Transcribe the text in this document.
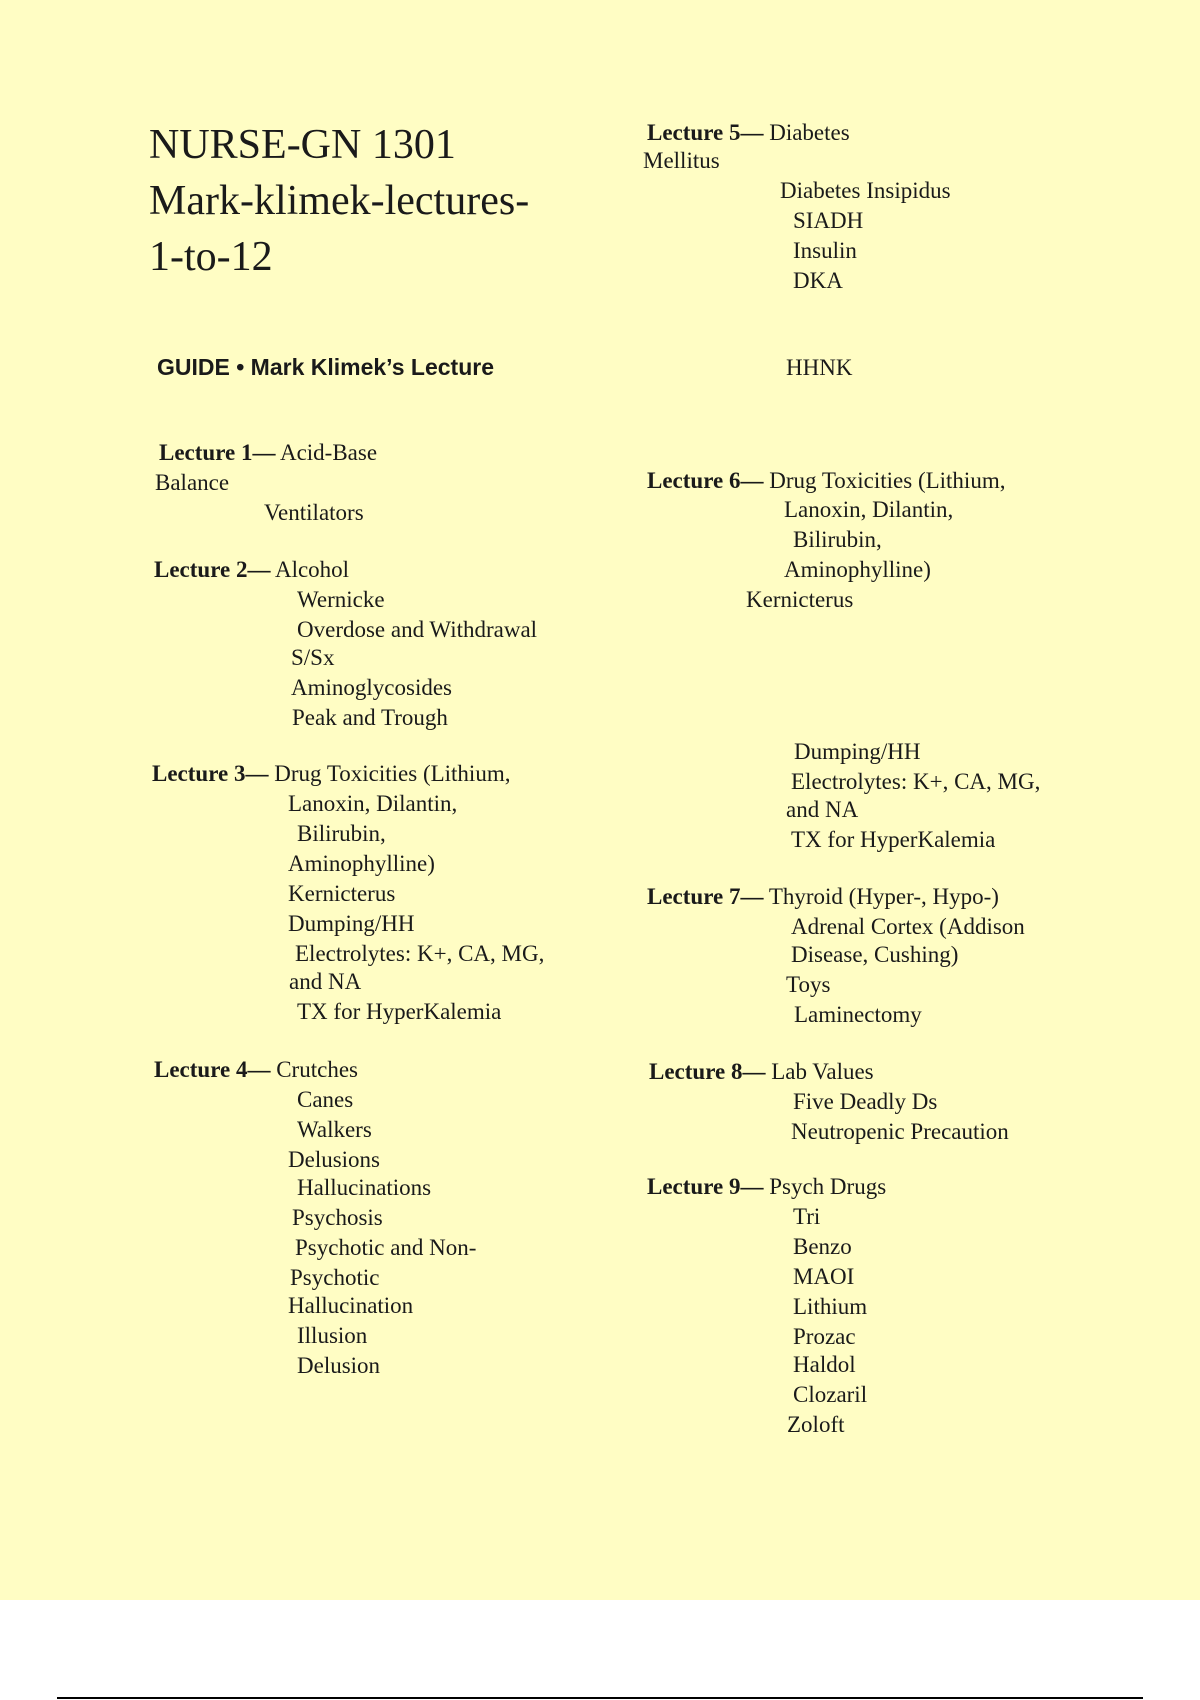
NURSE-GN 1301
Mark-klimek-lectures-
1-to-12
GUIDE • Mark Klimek’s Lecture
Lecture 1— Acid-Base
Balance
Ventilators
Lecture 2— Alcohol
Wernicke
Overdose and Withdrawal
S/Sx
Aminoglycosides
Peak and Trough
Lecture 3— Drug Toxicities (Lithium,
Lanoxin, Dilantin,
Bilirubin,
Aminophylline)
Kernicterus
Dumping/HH
Electrolytes: K+, CA, MG,
and NA
TX for HyperKalemia
Lecture 4— Crutches
Canes
Walkers
Delusions
Hallucinations
Psychosis
Psychotic and Non-
Psychotic
Hallucination
Illusion
Delusion
Lecture 5— Diabetes
Mellitus
Diabetes Insipidus
SIADH
Insulin
DKA
HHNK
Lecture 6— Drug Toxicities (Lithium,
Lanoxin, Dilantin,
Bilirubin,
Aminophylline)
Kernicterus
Dumping/HH
Electrolytes: K+, CA, MG,
and NA
TX for HyperKalemia
Lecture 7— Thyroid (Hyper-, Hypo-)
Adrenal Cortex (Addison
Disease, Cushing)
Toys
Laminectomy
Lecture 8— Lab Values
Five Deadly Ds
Neutropenic Precaution
Lecture 9— Psych Drugs
Tri
Benzo
MAOI
Lithium
Prozac
Haldol
Clozaril
Zoloft
